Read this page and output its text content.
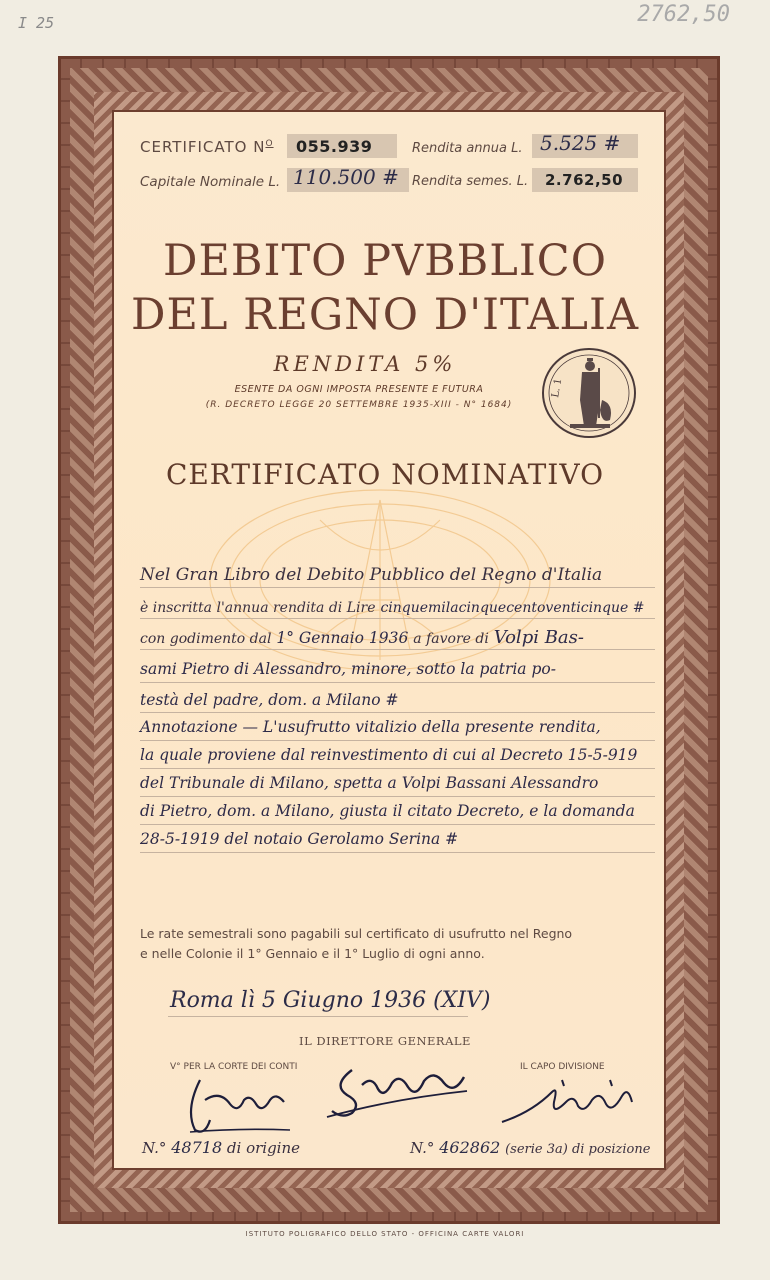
I 25	2762,50
CERTIFICATO $N^O$ 055.939	Rendita annua L. 5.525 #
Capitale Nominale L. 110.500 # Rendita semes. L. 2.762,50
DEBITO PVBBLICO
DEL REGNO D'ITALIA
RENDITA 5%
ESENTE DA OGNI IMPOSTA PRESENTE E FUTURA
(R. DECRETO LEGGE 20 SETTEMBRE 1935-XIII - N° 1684)
L. 1
CERTIFICATO NOMINATIVO
Nel Gran Libro del Debito Pubblico del Regno d'Italia
è inscritta l'annua rendita di Lire cinquemilacinquecentoventicinque #
con godimento dal 1° Gennaio 1936 a favore di Volpi Bas-
sami Pietro di Alessandro, minore, sotto la patria po-
testà del padre, dom. a Milano #
Annotazione — L'usufrutto vitalizio della presente rendita,
la quale proviene dal reinvestimento di cui al Decreto 15-5-919
del Tribunale di Milano, spetta a Volpi Bassani Alessandro
di Pietro, dom. a Milano, giusta il citato Decreto, e la domanda
28-5-1919 del notaio Gerolamo Serina #
Le rate semestrali sono pagabili sul certificato di usufrutto nel Regno
e nelle Colonie il 1° Gennaio e il 1° Luglio di ogni anno.
Roma lì 5 Giugno 1936 (XIV)
IL DIRETTORE GENERALE
V° PER LA CORTE DEI CONTI	IL CAPO DIVISIONE
N.° 48718 di origine	N.° 462862 (serie 3a) di posizione
ISTITUTO POLIGRAFICO DELLO STATO - OFFICINA CARTE VALORI
